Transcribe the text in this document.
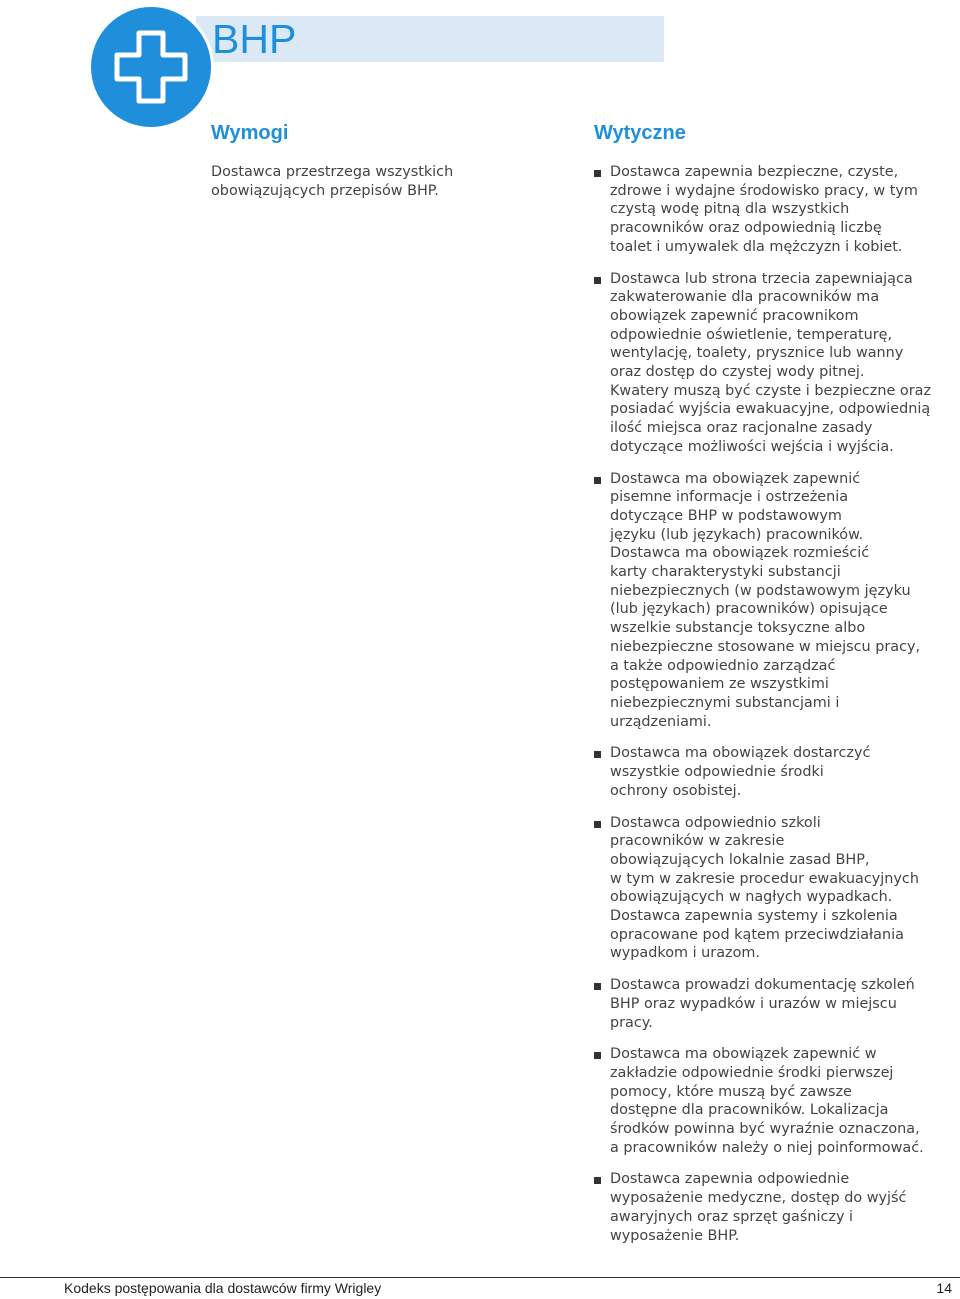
BHP
Wymogi

Dostawca przestrzega wszystkich obowiązujących przepisów BHP.

Wytyczne
Dostawca zapewnia bezpieczne, czyste,
zdrowe i wydajne środowisko pracy, w tym
czystą wodę pitną dla wszystkich
pracowników oraz odpowiednią liczbę
toalet i umywalek dla mężczyzn i kobiet.
Dostawca lub strona trzecia zapewniająca
zakwaterowanie dla pracowników ma
obowiązek zapewnić pracownikom
odpowiednie oświetlenie, temperaturę,
wentylację, toalety, prysznice lub wanny
oraz dostęp do czystej wody pitnej.
Kwatery muszą być czyste i bezpieczne oraz
posiadać wyjścia ewakuacyjne, odpowiednią
ilość miejsca oraz racjonalne zasady
dotyczące możliwości wejścia i wyjścia.
Dostawca ma obowiązek zapewnić
pisemne informacje i ostrzeżenia
dotyczące BHP w podstawowym
języku (lub językach) pracowników.
Dostawca ma obowiązek rozmieścić
karty charakterystyki substancji
niebezpiecznych (w podstawowym języku
(lub językach) pracowników) opisujące
wszelkie substancje toksyczne albo
niebezpieczne stosowane w miejscu pracy,
a także odpowiednio zarządzać
postępowaniem ze wszystkimi
niebezpiecznymi substancjami i
urządzeniami.
Dostawca ma obowiązek dostarczyć
wszystkie odpowiednie środki
ochrony osobistej.
Dostawca odpowiednio szkoli
pracowników w zakresie
obowiązujących lokalnie zasad BHP,
w tym w zakresie procedur ewakuacyjnych
obowiązujących w nagłych wypadkach.
Dostawca zapewnia systemy i szkolenia
opracowane pod kątem przeciwdziałania
wypadkom i urazom.
Dostawca prowadzi dokumentację szkoleń
BHP oraz wypadków i urazów w miejscu
pracy.
Dostawca ma obowiązek zapewnić w
zakładzie odpowiednie środki pierwszej
pomocy, które muszą być zawsze
dostępne dla pracowników. Lokalizacja
środków powinna być wyraźnie oznaczona,
a pracowników należy o niej poinformować.
Dostawca zapewnia odpowiednie
wyposażenie medyczne, dostęp do wyjść
awaryjnych oraz sprzęt gaśniczy i
wyposażenie BHP.
Kodeks postępowania dla dostawców firmy Wrigley	14
